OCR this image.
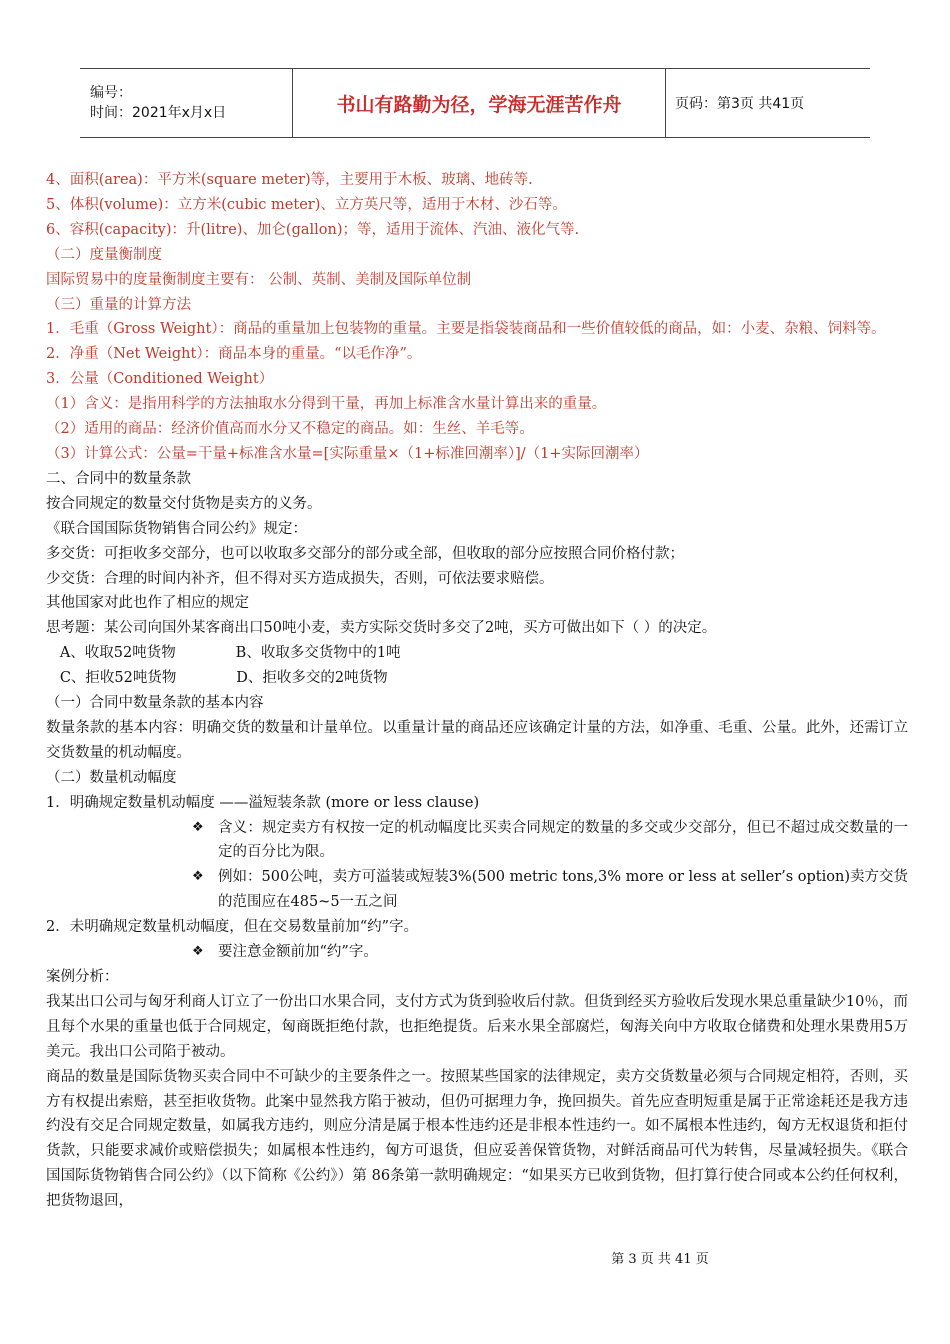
编号：
时间：2021年x月x日	书山有路勤为径，学海无涯苦作舟	页码：第3页 共41页
4、面积(area)：平方米(square meter)等，主要用于木板、玻璃、地砖等.
5、体积(volume)：立方米(cubic meter)、立方英尺等，适用于木材、沙石等。
6、容积(capacity)：升(litre)、加仑(gallon)；等，适用于流体、汽油、液化气等.
（二）度量衡制度
国际贸易中的度量衡制度主要有： 公制、英制、美制及国际单位制
（三）重量的计算方法
1．毛重（Gross Weight）：商品的重量加上包装物的重量。主要是指袋装商品和一些价值较低的商品，如：小麦、杂粮、饲料等。
2．净重（Net Weight）：商品本身的重量。“以毛作净”。
3．公量（Conditioned Weight）
（1）含义：是指用科学的方法抽取水分得到干量，再加上标准含水量计算出来的重量。
（2）适用的商品：经济价值高而水分又不稳定的商品。如：生丝、羊毛等。
（3）计算公式：公量=干量+标准含水量=[实际重量×（1+标准回潮率）]/（1+实际回潮率）
二、合同中的数量条款
按合同规定的数量交付货物是卖方的义务。
《联合国国际货物销售合同公约》规定：
多交货：可拒收多交部分，也可以收取多交部分的部分或全部，但收取的部分应按照合同价格付款；
少交货：合理的时间内补齐，但不得对买方造成损失，否则，可依法要求赔偿。
其他国家对此也作了相应的规定
思考题：某公司向国外某客商出口50吨小麦，卖方实际交货时多交了2吨，买方可做出如下（ ）的决定。
A、收取52吨货物             B、收取多交货物中的1吨
C、拒收52吨货物             D、拒收多交的2吨货物
（一）合同中数量条款的基本内容
数量条款的基本内容：明确交货的数量和计量单位。以重量计量的商品还应该确定计量的方法，如净重、毛重、公量。此外，还需订立交货数量的机动幅度。
（二）数量机动幅度
1．明确规定数量机动幅度 ——溢短装条款 (more or less clause)
❖ 含义：规定卖方有权按一定的机动幅度比买卖合同规定的数量的多交或少交部分，但已不超过成交数量的一定的百分比为限。
❖ 例如：500公吨，卖方可溢装或短装3%(500 metric tons,3% more or less at seller’s option)卖方交货的范围应在485~5一五之间
2．未明确规定数量机动幅度，但在交易数量前加“约”字。
❖ 要注意金额前加“约”字。
案例分析：
我某出口公司与匈牙利商人订立了一份出口水果合同，支付方式为货到验收后付款。但货到经买方验收后发现水果总重量缺少10％，而且每个水果的重量也低于合同规定，匈商既拒绝付款，也拒绝提货。后来水果全部腐烂，匈海关向中方收取仓储费和处理水果费用5万美元。我出口公司陷于被动。
商品的数量是国际货物买卖合同中不可缺少的主要条件之一。按照某些国家的法律规定，卖方交货数量必须与合同规定相符，否则，买方有权提出索赔，甚至拒收货物。此案中显然我方陷于被动，但仍可据理力争，挽回损失。首先应查明短重是属于正常途耗还是我方违约没有交足合同规定数量，如属我方违约，则应分清是属于根本性违约还是非根本性违约一。如不属根本性违约，匈方无权退货和拒付货款，只能要求减价或赔偿损失；如属根本性违约，匈方可退货，但应妥善保管货物，对鲜活商品可代为转售，尽量减轻损失。《联合国国际货物销售合同公约》（以下简称《公约》）第 86条第一款明确规定：“如果买方已收到货物，但打算行使合同或本公约任何权利，把货物退回，
第 3 页 共 41 页
